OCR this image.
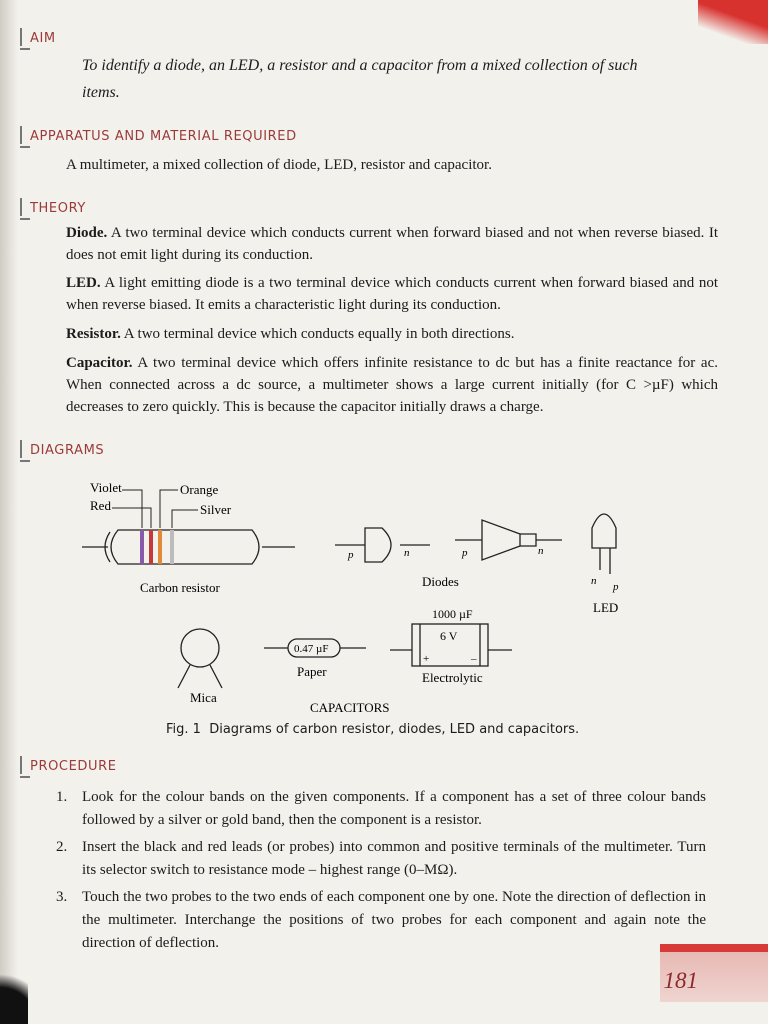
AIM
To identify a diode, an LED, a resistor and a capacitor from a mixed collection of such items.
APPARATUS AND MATERIAL REQUIRED
A multimeter, a mixed collection of diode, LED, resistor and capacitor.
THEORY
Diode. A two terminal device which conducts current when forward biased and not when reverse biased. It does not emit light during its conduction.
LED. A light emitting diode is a two terminal device which conducts current when forward biased and not when reverse biased. It emits a characteristic light during its conduction.
Resistor. A two terminal device which conducts equally in both directions.
Capacitor. A two terminal device which offers infinite resistance to dc but has a finite reactance for ac. When connected across a dc source, a multimeter shows a large current initially (for C >µF) which decreases to zero quickly. This is because the capacitor initially draws a charge.
DIAGRAMS
Violet
Red
Orange
Silver
Carbon resistor
p	n	p	n
Diodes	n p
LED
1000 µF
6 V
+	–
0.47 µF
Paper	Electrolytic
Mica
CAPACITORS
Fig. 1 Diagrams of carbon resistor, diodes, LED and capacitors.
PROCEDURE
1. Look for the colour bands on the given components. If a component has a set of three colour bands followed by a silver or gold band, then the component is a resistor.
2. Insert the black and red leads (or probes) into common and positive terminals of the multimeter. Turn its selector switch to resistance mode – highest range (0–MΩ).
3. Touch the two probes to the two ends of each component one by one. Note the direction of deflection in the multimeter. Interchange the positions of two probes for each component and again note the direction of deflection.
181
